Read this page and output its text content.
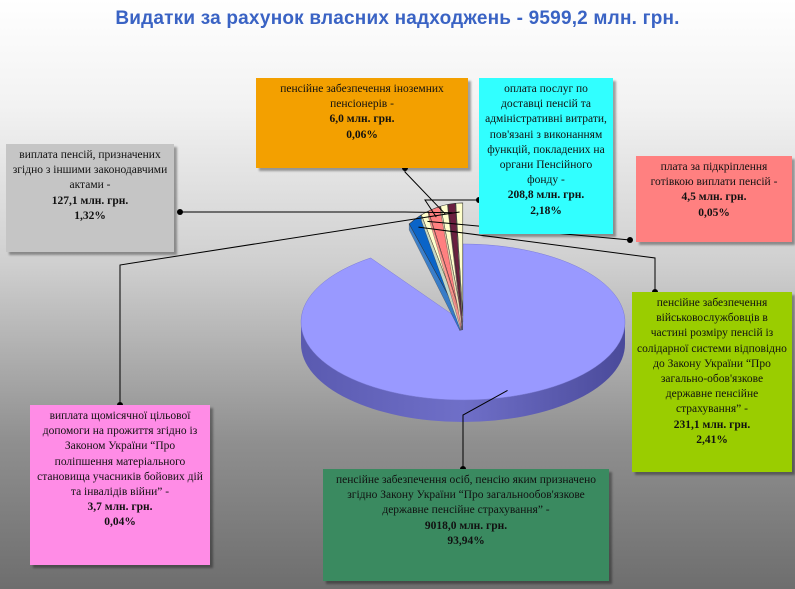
Видатки за рахунок власних надходжень - 9599,2 млн. грн.
виплата пенсій, призначених згідно з іншими законодавчими актами -
127,1 млн. грн.
1,32%
пенсійне забезпечення іноземних пенсіонерів -
6,0 млн. грн.
0,06%
оплата послуг по доставці пенсій та адміністративні витрати, пов'язані з виконанням функцій, покладених на органи Пенсійного фонду -
208,8 млн. грн.
2,18%
плата за підкріплення готівкою виплати пенсій -
4,5 млн. грн.
0,05%
пенсійне забезпечення військовослужбовців в частині розміру пенсій із солідарної системи відповідно до Закону України “Про загально-обов'язкове державне пенсійне страхування” -
231,1 млн. грн.
2,41%
пенсійне забезпечення осіб, пенсію яким призначено згідно Закону України “Про загальнообов'язкове державне пенсійне страхування” -
9018,0 млн. грн.
93,94%
виплата щомісячної цільової допомоги на прожиття згідно із Законом України “Про поліпшення матеріального становища учасників бойових дій та інвалідів війни” -
3,7 млн. грн.
0,04%
